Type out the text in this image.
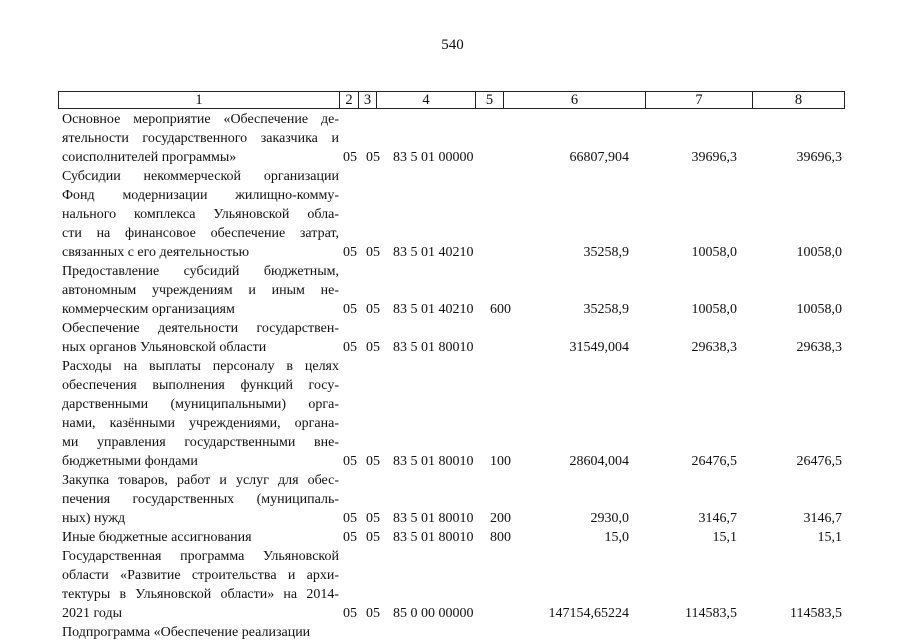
540
1	2 3	4	5	6	7	8
Основное мероприятие «Обеспечение де-
ятельности государственного заказчика и
соисполнителей программы»	05 05 83 5 01 00000	66807,904	39696,3	39696,3
Субсидии некоммерческой организации
Фонд модернизации жилищно-комму-
нального комплекса Ульяновской обла-
сти на финансовое обеспечение затрат,
связанных с его деятельностью	05 05 83 5 01 40210	35258,9	10058,0	10058,0
Предоставление субсидий бюджетным,
автономным учреждениям и иным не-
коммерческим организациям	05 05 83 5 01 40210 600	35258,9	10058,0	10058,0
Обеспечение деятельности государствен-
ных органов Ульяновской области	05 05 83 5 01 80010	31549,004	29638,3	29638,3
Расходы на выплаты персоналу в целях
обеспечения выполнения функций госу-
дарственными (муниципальными) орга-
нами, казёнными учреждениями, органа-
ми управления государственными вне-
бюджетными фондами	05 05 83 5 01 80010 100	28604,004	26476,5	26476,5
Закупка товаров, работ и услуг для обес-
печения государственных (муниципаль-
ных) нужд	05 05 83 5 01 80010 200	2930,0	3146,7	3146,7
Иные бюджетные ассигнования	05 05 83 5 01 80010 800	15,0	15,1	15,1
Государственная программа Ульяновской
области «Развитие строительства и архи-
тектуры в Ульяновской области» на 2014-
2021 годы	05 05 85 0 00 00000	147154,65224	114583,5	114583,5
Подпрограмма «Обеспечение реализации
